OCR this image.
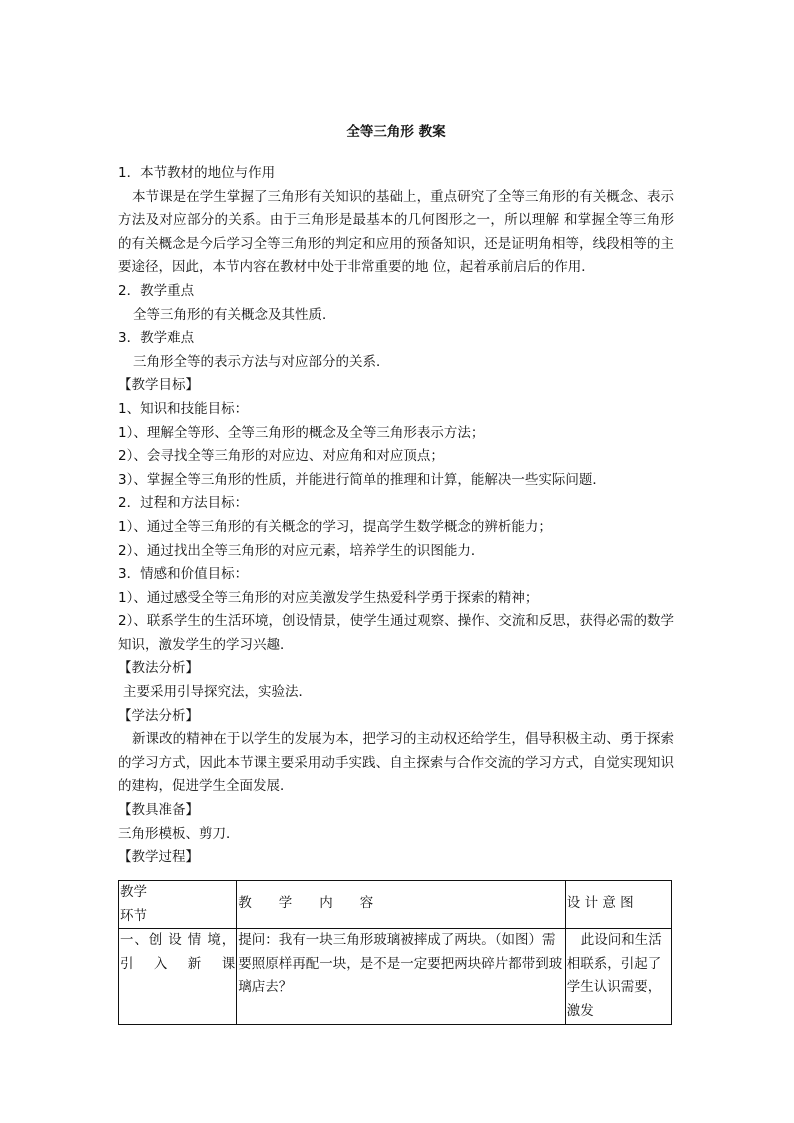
全等三角形 教案
1．本节教材的地位与作用
本节课是在学生掌握了三角形有关知识的基础上，重点研究了全等三角形的有关概念、表示方法及对应部分的关系。由于三角形是最基本的几何图形之一，所以理解 和掌握全等三角形的有关概念是今后学习全等三角形的判定和应用的预备知识，还是证明角相等，线段相等的主要途径，因此，本节内容在教材中处于非常重要的地 位，起着承前启后的作用．
2．教学重点
全等三角形的有关概念及其性质．
3．教学难点
三角形全等的表示方法与对应部分的关系．
【教学目标】
1、知识和技能目标：
1）、理解全等形、全等三角形的概念及全等三角形表示方法；
2）、会寻找全等三角形的对应边、对应角和对应顶点；
3）、掌握全等三角形的性质，并能进行简单的推理和计算，能解决一些实际问题．
2．过程和方法目标：
1）、通过全等三角形的有关概念的学习，提高学生数学概念的辨析能力；
2）、通过找出全等三角形的对应元素，培养学生的识图能力．
3．情感和价值目标：
1）、通过感受全等三角形的对应美激发学生热爱科学勇于探索的精神；
2）、联系学生的生活环境，创设情景，使学生通过观察、操作、交流和反思，获得必需的数学知识，激发学生的学习兴趣．
【教法分析】
主要采用引导探究法，实验法．
【学法分析】
新课改的精神在于以学生的发展为本，把学习的主动权还给学生，倡导积极主动、勇于探索的学习方式，因此本节课主要采用动手实践、自主探索与合作交流的学习方式，自觉实现知识的建构，促进学生全面发展．
【教具准备】
三角形模板、剪刀．
【教学过程】
教学
环节	教　　学　　内　　容	设 计 意 图

一、创 设 情 境，引 入 新 课	提问：我有一块三角形玻璃被摔成了两块。（如图）需要照原样再配一块，是不是一定要把两块碎片都带到玻璃店去？	此设问和生活相联系，引起了学生认识需要，激发
